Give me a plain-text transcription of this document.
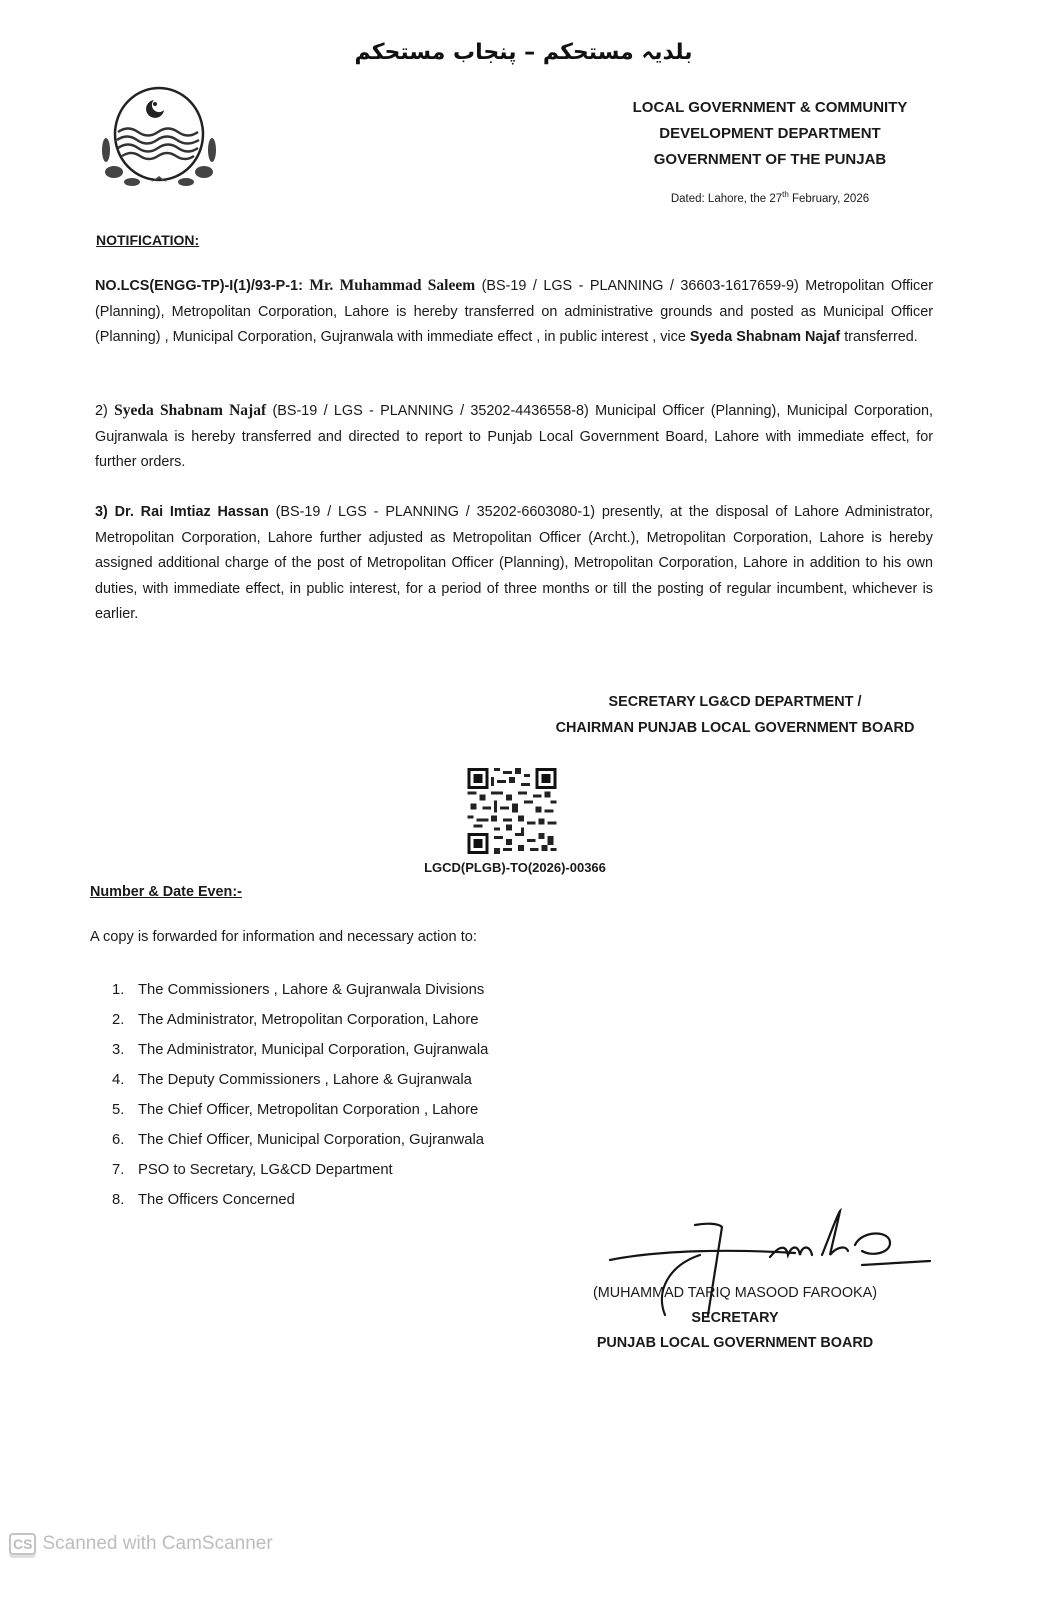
بلدیہ مستحکم – پنجاب مستحکم
LOCAL GOVERNMENT & COMMUNITY
DEVELOPMENT DEPARTMENT
GOVERNMENT OF THE PUNJAB
Dated: Lahore, the 27th February, 2026
NOTIFICATION:
NO.LCS(ENGG-TP)-I(1)/93-P-1: Mr. Muhammad Saleem (BS-19 / LGS - PLANNING / 36603-1617659-9) Metropolitan Officer (Planning), Metropolitan Corporation, Lahore is hereby transferred on administrative grounds and posted as Municipal Officer (Planning) , Municipal Corporation, Gujranwala with immediate effect , in public interest , vice Syeda Shabnam Najaf transferred.
2) Syeda Shabnam Najaf (BS-19 / LGS - PLANNING / 35202-4436558-8) Municipal Officer (Planning), Municipal Corporation, Gujranwala is hereby transferred and directed to report to Punjab Local Government Board, Lahore with immediate effect, for further orders.
3) Dr. Rai Imtiaz Hassan (BS-19 / LGS - PLANNING / 35202-6603080-1) presently, at the disposal of Lahore Administrator, Metropolitan Corporation, Lahore further adjusted as Metropolitan Officer (Archt.), Metropolitan Corporation, Lahore is hereby assigned additional charge of the post of Metropolitan Officer (Planning), Metropolitan Corporation, Lahore in addition to his own duties, with immediate effect, in public interest, for a period of three months or till the posting of regular incumbent, whichever is earlier.
SECRETARY LG&CD DEPARTMENT /
CHAIRMAN PUNJAB LOCAL GOVERNMENT BOARD
LGCD(PLGB)-TO(2026)-00366
Number & Date Even:-
A copy is forwarded for information and necessary action to:
1. The Commissioners , Lahore & Gujranwala Divisions
2. The Administrator, Metropolitan Corporation, Lahore
3. The Administrator, Municipal Corporation, Gujranwala
4. The Deputy Commissioners , Lahore & Gujranwala
5. The Chief Officer, Metropolitan Corporation , Lahore
6. The Chief Officer, Municipal Corporation, Gujranwala
7. PSO to Secretary, LG&CD Department
8. The Officers Concerned
(MUHAMMAD TARIQ MASOOD FAROOKA)
SECRETARY
PUNJAB LOCAL GOVERNMENT BOARD
CS Scanned with CamScanner
